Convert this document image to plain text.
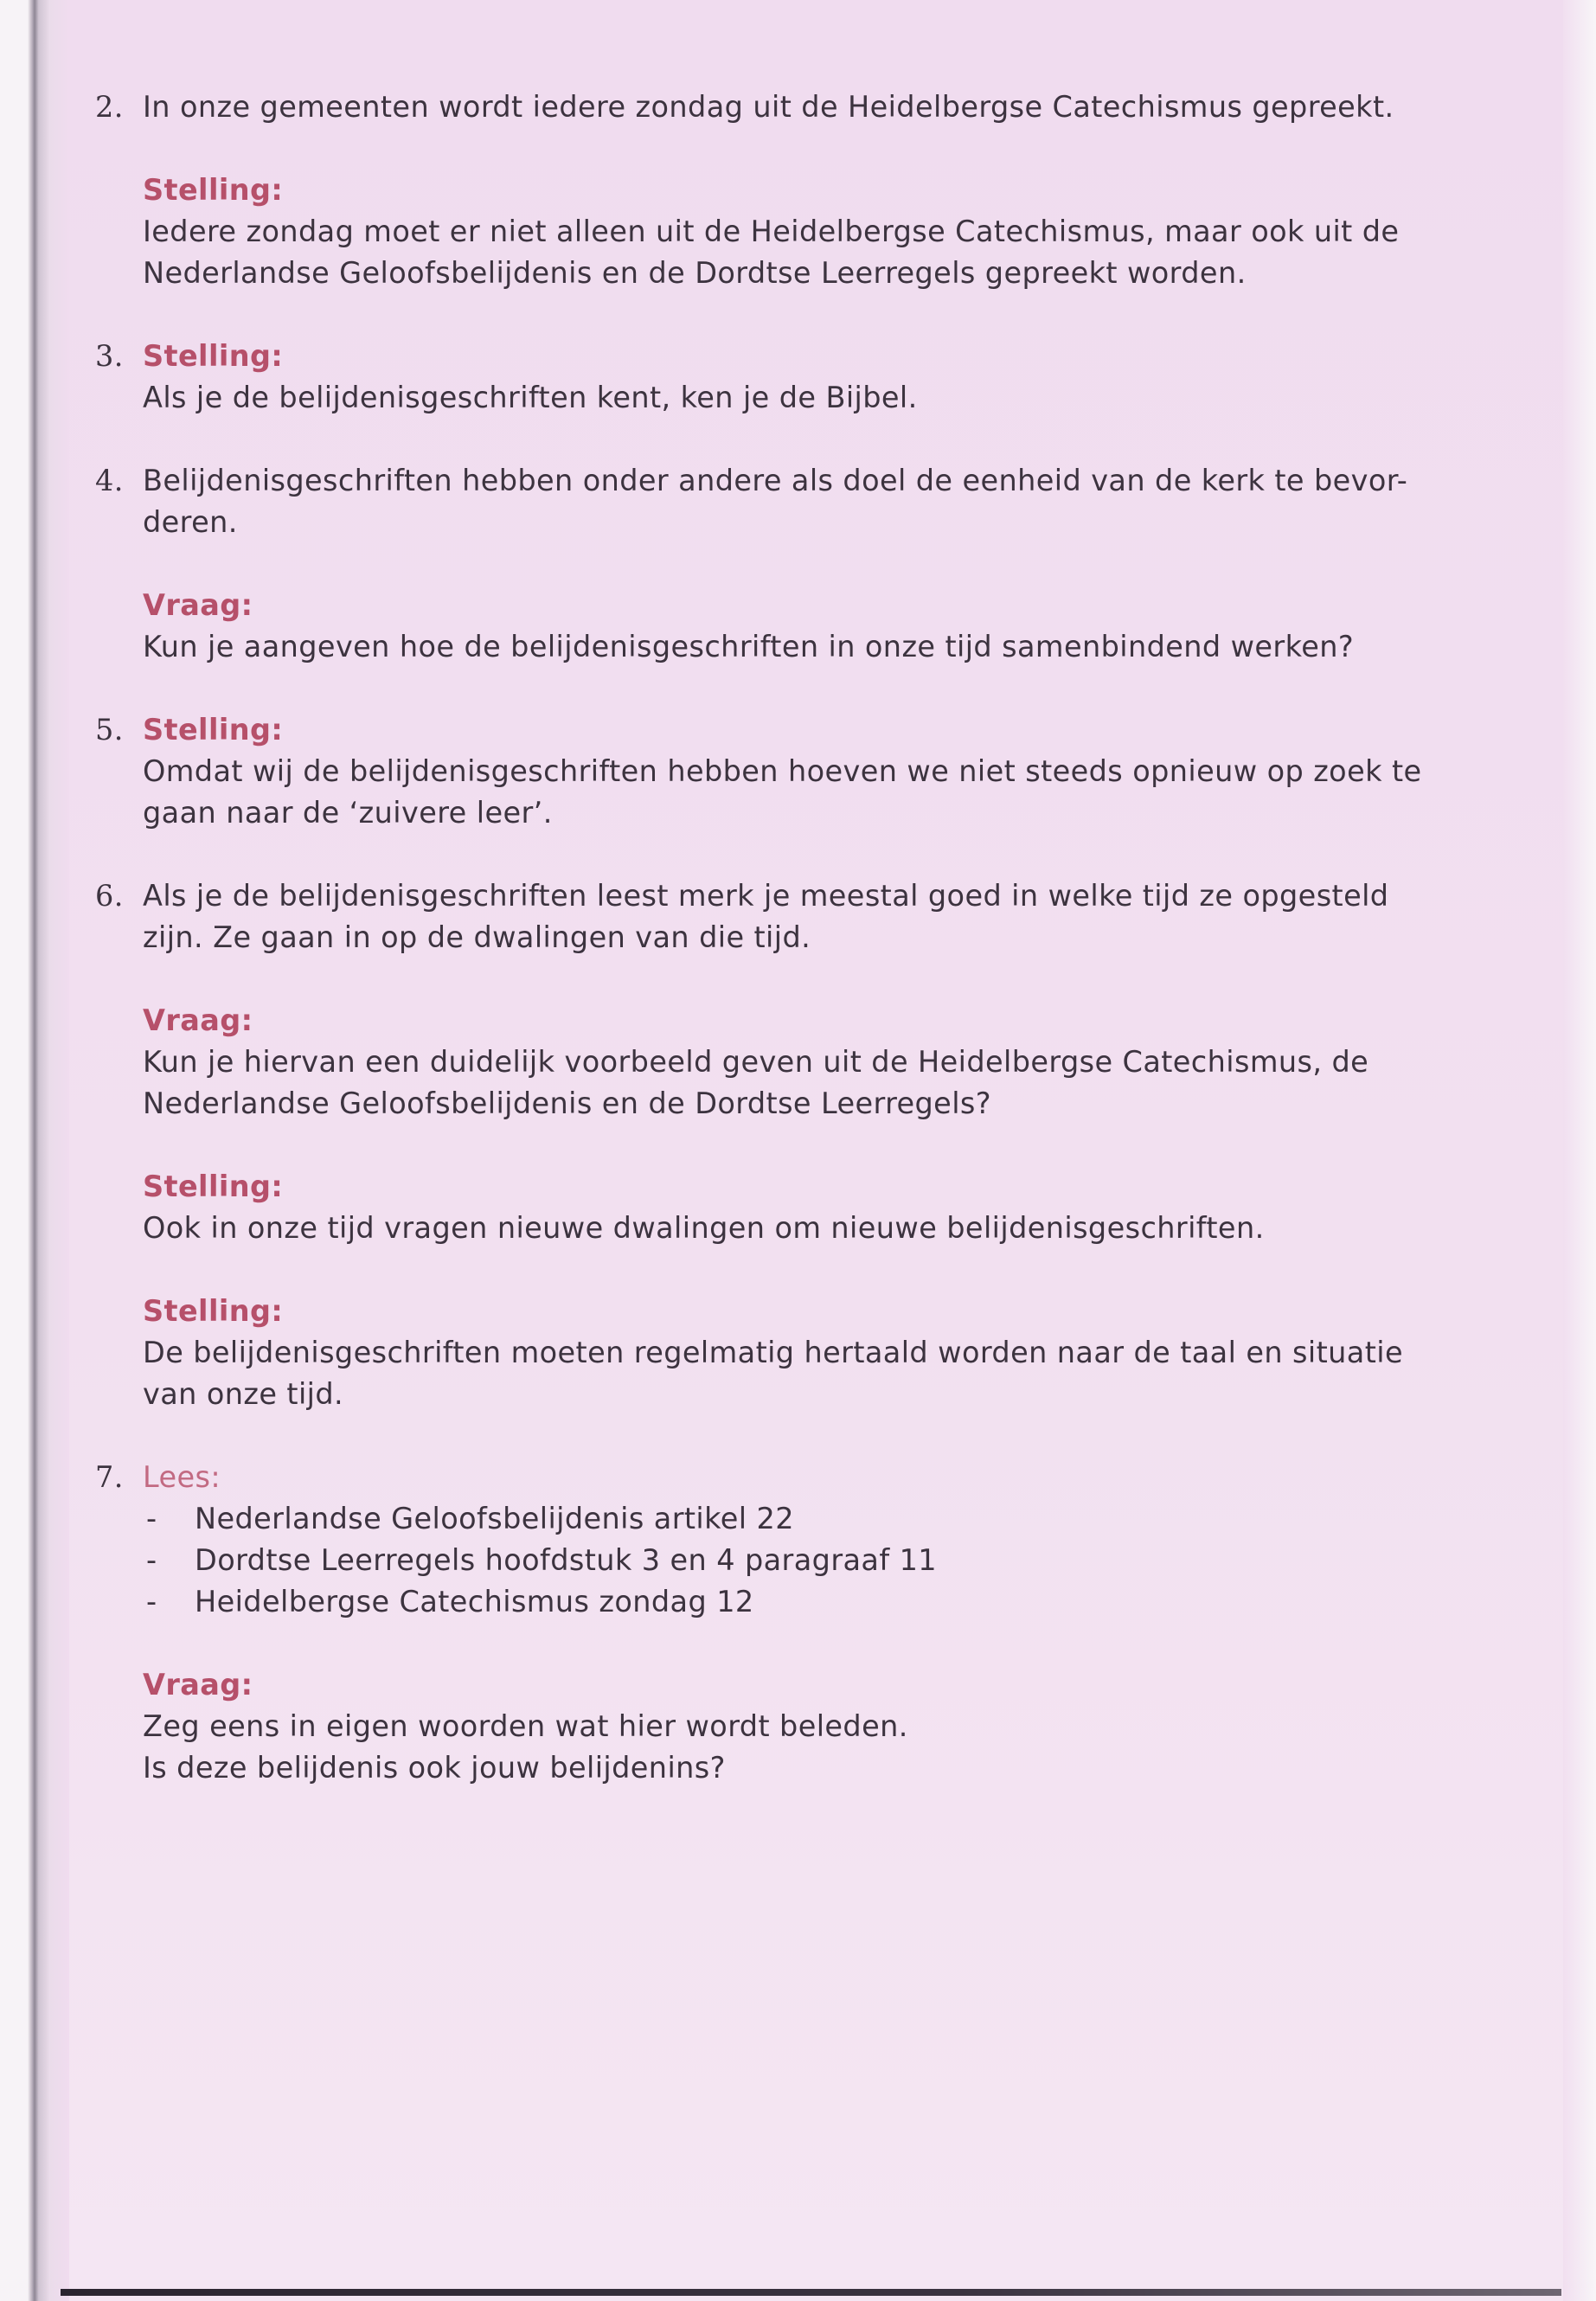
2. In onze gemeenten wordt iedere zondag uit de Heidelbergse Catechismus gepreekt.

Stelling:

Iedere zondag moet er niet alleen uit de Heidelbergse Catechismus, maar ook uit de

Nederlandse Geloofsbelijdenis en de Dordtse Leerregels gepreekt worden.

3. Stelling:

Als je de belijdenisgeschriften kent, ken je de Bijbel.

4. Belijdenisgeschriften hebben onder andere als doel de eenheid van de kerk te bevor-

deren.

Vraag:

Kun je aangeven hoe de belijdenisgeschriften in onze tijd samenbindend werken?

5. Stelling:

Omdat wij de belijdenisgeschriften hebben hoeven we niet steeds opnieuw op zoek te

gaan naar de ‘zuivere leer’.

6. Als je de belijdenisgeschriften leest merk je meestal goed in welke tijd ze opgesteld

zijn. Ze gaan in op de dwalingen van die tijd.

Vraag:

Kun je hiervan een duidelijk voorbeeld geven uit de Heidelbergse Catechismus, de

Nederlandse Geloofsbelijdenis en de Dordtse Leerregels?

Stelling:

Ook in onze tijd vragen nieuwe dwalingen om nieuwe belijdenisgeschriften.

Stelling:

De belijdenisgeschriften moeten regelmatig hertaald worden naar de taal en situatie

van onze tijd.

7. Lees:

- Nederlandse Geloofsbelijdenis artikel 22
- Dordtse Leerregels hoofdstuk 3 en 4 paragraaf 11
- Heidelbergse Catechismus zondag 12

Vraag:

Zeg eens in eigen woorden wat hier wordt beleden.

Is deze belijdenis ook jouw belijdenins?
